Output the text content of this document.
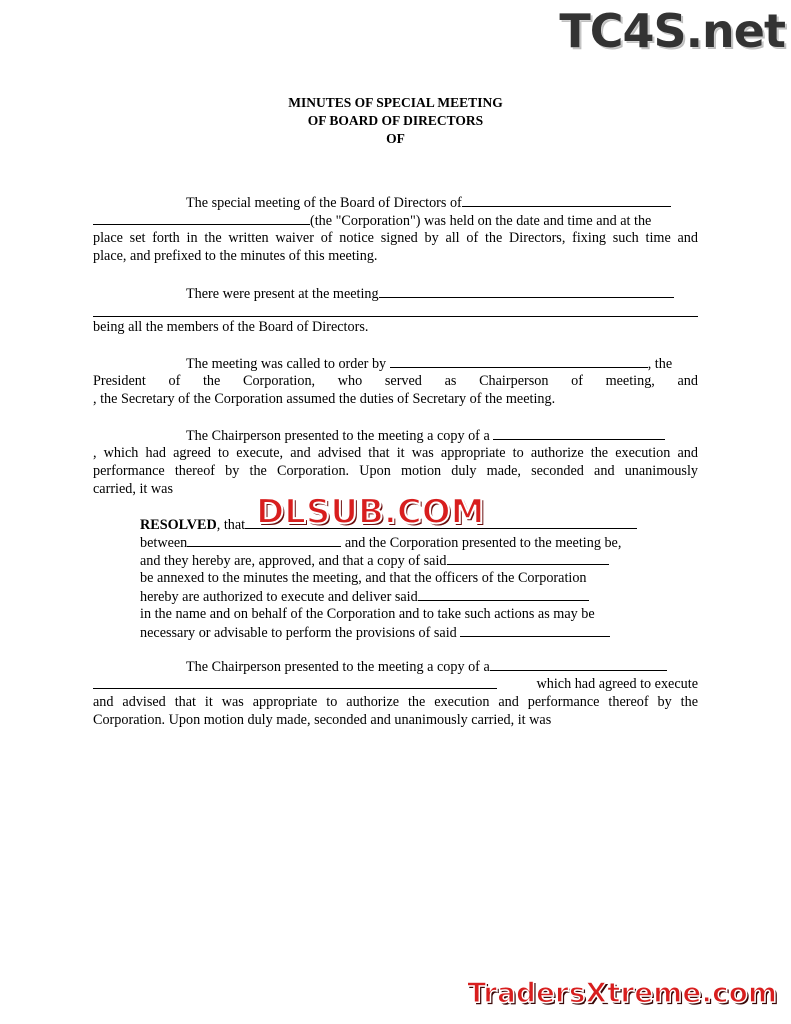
TC4S.net
MINUTES OF SPECIAL MEETING
OF BOARD OF DIRECTORS
OF
The special meeting of the Board of Directors of
(the "Corporation") was held on the date and time and at the
place set forth in the written waiver of notice signed by all of the Directors, fixing such time and
place, and prefixed to the minutes of this meeting.
There were present at the meeting
being all the members of the Board of Directors.
The meeting was called to order by	, the
President of the Corporation, who served as Chairperson of meeting, and
, the Secretary of the Corporation assumed the duties of Secretary of the meeting.
The Chairperson presented to the meeting a copy of a
, which had agreed to execute, and advised that it was appropriate to authorize the execution and
performance thereof by the Corporation. Upon motion duly made, seconded and unanimously
carried, it was
RESOLVED, that
between	and the Corporation presented to the meeting be,
and they hereby are, approved, and that a copy of said
be annexed to the minutes the meeting, and that the officers of the Corporation
hereby are authorized to execute and deliver said
in the name and on behalf of the Corporation and to take such actions as may be
necessary or advisable to perform the provisions of said
The Chairperson presented to the meeting a copy of a
which had agreed to execute
and advised that it was appropriate to authorize the execution and performance thereof by the
Corporation. Upon motion duly made, seconded and unanimously carried, it was
DLSUB.COM
TradersXtreme.com
